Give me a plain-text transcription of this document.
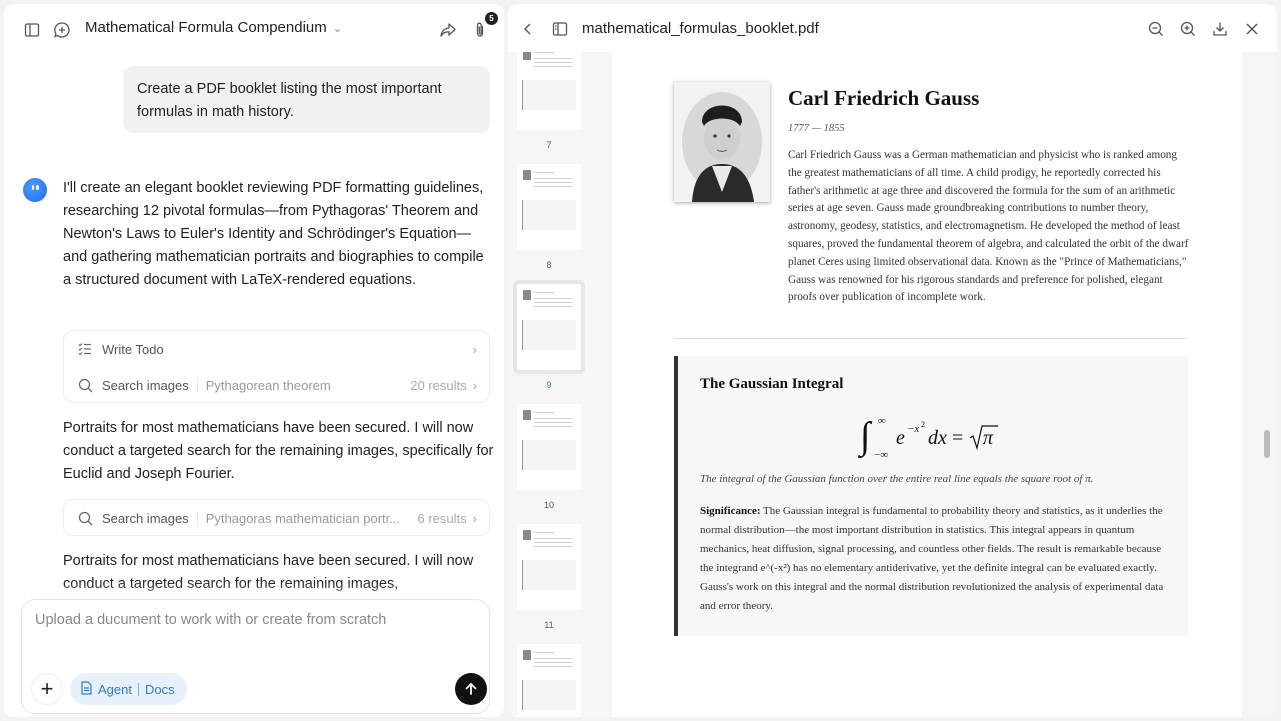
Mathematical Formula Compendium ⌄
5
Create a PDF booklet listing the most important formulas in math history.
I'll create an elegant booklet reviewing PDF formatting guidelines, researching 12 pivotal formulas—from Pythagoras' Theorem and Newton's Laws to Euler's Identity and Schrödinger's Equation—and gathering mathematician portraits and biographies to compile a structured document with LaTeX-rendered equations.
Write Todo	›
Search images Pythagorean theorem	20 results ›
Portraits for most mathematicians have been secured. I will now conduct a targeted search for the remaining images, specifically for Euclid and Joseph Fourier.
Search images Pythagoras mathematician portr...	6 results ›
Portraits for most mathematicians have been secured. I will now conduct a targeted search for the remaining images,
Upload a ducument to work with or create from scratch
+	Agent Docs
mathematical_formulas_booklet.pdf
7
8
9
10
11
Carl Friedrich Gauss
1777 — 1855
Carl Friedrich Gauss was a German mathematician and physicist who is ranked among the greatest mathematicians of all time. A child prodigy, he reportedly corrected his father's arithmetic at age three and discovered the formula for the sum of an arithmetic series at age seven. Gauss made groundbreaking contributions to number theory, astronomy, geodesy, statistics, and electromagnetism. He developed the method of least squares, proved the fundamental theorem of algebra, and calculated the orbit of the dwarf planet Ceres using limited observational data. Known as the "Prince of Mathematicians," Gauss was renowned for his rigorous standards and preference for polished, elegant proofs over publication of incomplete work.
The Gaussian Integral
∫ ∞
−∞
e −x 2
dx = π
The integral of the Gaussian function over the entire real line equals the square root of π.
Significance: The Gaussian integral is fundamental to probability theory and statistics, as it underlies the normal distribution—the most important distribution in statistics. This integral appears in quantum mechanics, heat diffusion, signal processing, and countless other fields. The result is remarkable because the integrand e^(-x²) has no elementary antiderivative, yet the definite integral can be evaluated exactly. Gauss's work on this integral and the normal distribution revolutionized the analysis of experimental data and error theory.
